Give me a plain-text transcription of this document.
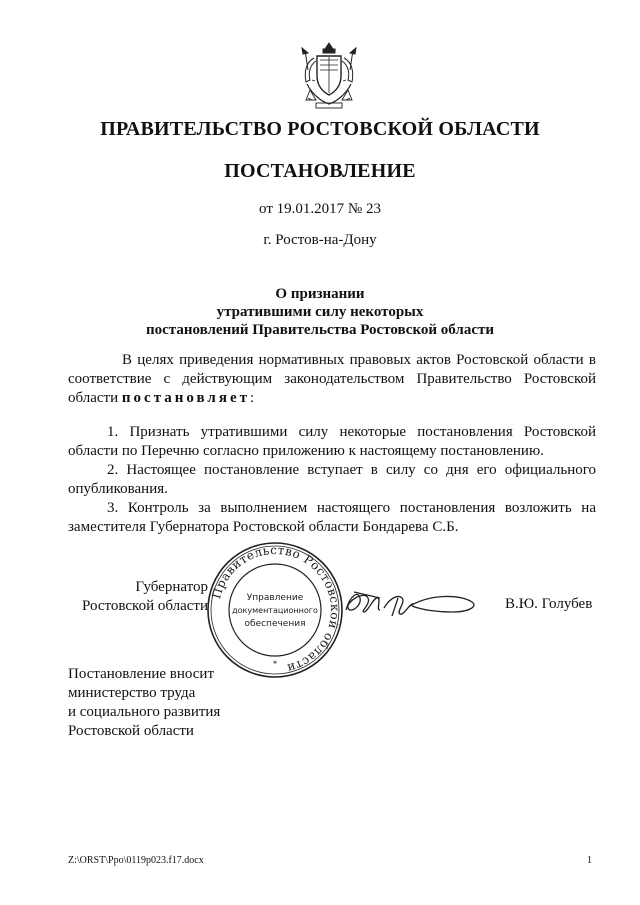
ПРАВИТЕЛЬСТВО РОСТОВСКОЙ ОБЛАСТИ
ПОСТАНОВЛЕНИЕ
от 19.01.2017 № 23
г. Ростов-на-Дону
О признании
утратившими силу некоторых
постановлений Правительства Ростовской области
В целях приведения нормативных правовых актов Ростовской области в соответствие с действующим законодательством Правительство Ростовской области постановляет:
1. Признать утратившими силу некоторые постановления Ростовской области по Перечню согласно приложению к настоящему постановлению.
2. Настоящее постановление вступает в силу со дня его официального опубликования.
3. Контроль за выполнением настоящего постановления возложить на заместителя Губернатора Ростовской области Бондарева С.Б.
Губернатор
Ростовской области
Правительство Ростовской области
Управление
документационного
обеспечения
*
В.Ю. Голубев
Постановление вносит
министерство труда
и социального развития
Ростовской области
Z:\ORST\Ppo\0119p023.f17.docx	1
